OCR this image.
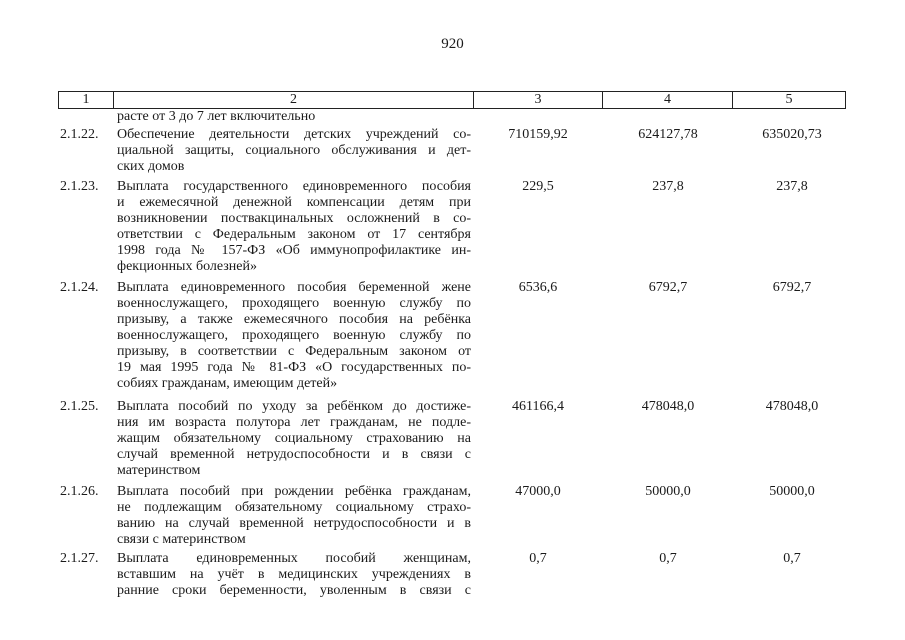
920
1	2	3	4	5
расте от 3 до 7 лет включительно
2.1.22.	Обеспечение деятельности детских учреждений со-
циальной защиты, социального обслуживания и дет-
ских домов
710159,92	624127,78	635020,73
2.1.23.	Выплата государственного единовременного пособия
и ежемесячной денежной компенсации детям при
возникновении поствакцинальных осложнений в со-
ответствии с Федеральным законом от 17 сентября
1998 года № 157-ФЗ «Об иммунопрофилактике ин-
фекционных болезней»
229,5	237,8	237,8
2.1.24.	Выплата единовременного пособия беременной жене
военнослужащего, проходящего военную службу по
призыву, а также ежемесячного пособия на ребёнка
военнослужащего, проходящего военную службу по
призыву, в соответствии с Федеральным законом от
19 мая 1995 года № 81-ФЗ «О государственных по-
собиях гражданам, имеющим детей»
6536,6	6792,7	6792,7
2.1.25.	Выплата пособий по уходу за ребёнком до достиже-
ния им возраста полутора лет гражданам, не подле-
жащим обязательному социальному страхованию на
случай временной нетрудоспособности и в связи с
материнством
461166,4	478048,0	478048,0
2.1.26.	Выплата пособий при рождении ребёнка гражданам,
не подлежащим обязательному социальному страхо-
ванию на случай временной нетрудоспособности и в
связи с материнством
47000,0	50000,0	50000,0
2.1.27.	Выплата единовременных пособий женщинам,
вставшим на учёт в медицинских учреждениях в
ранние сроки беременности, уволенным в связи с
0,7	0,7	0,7
